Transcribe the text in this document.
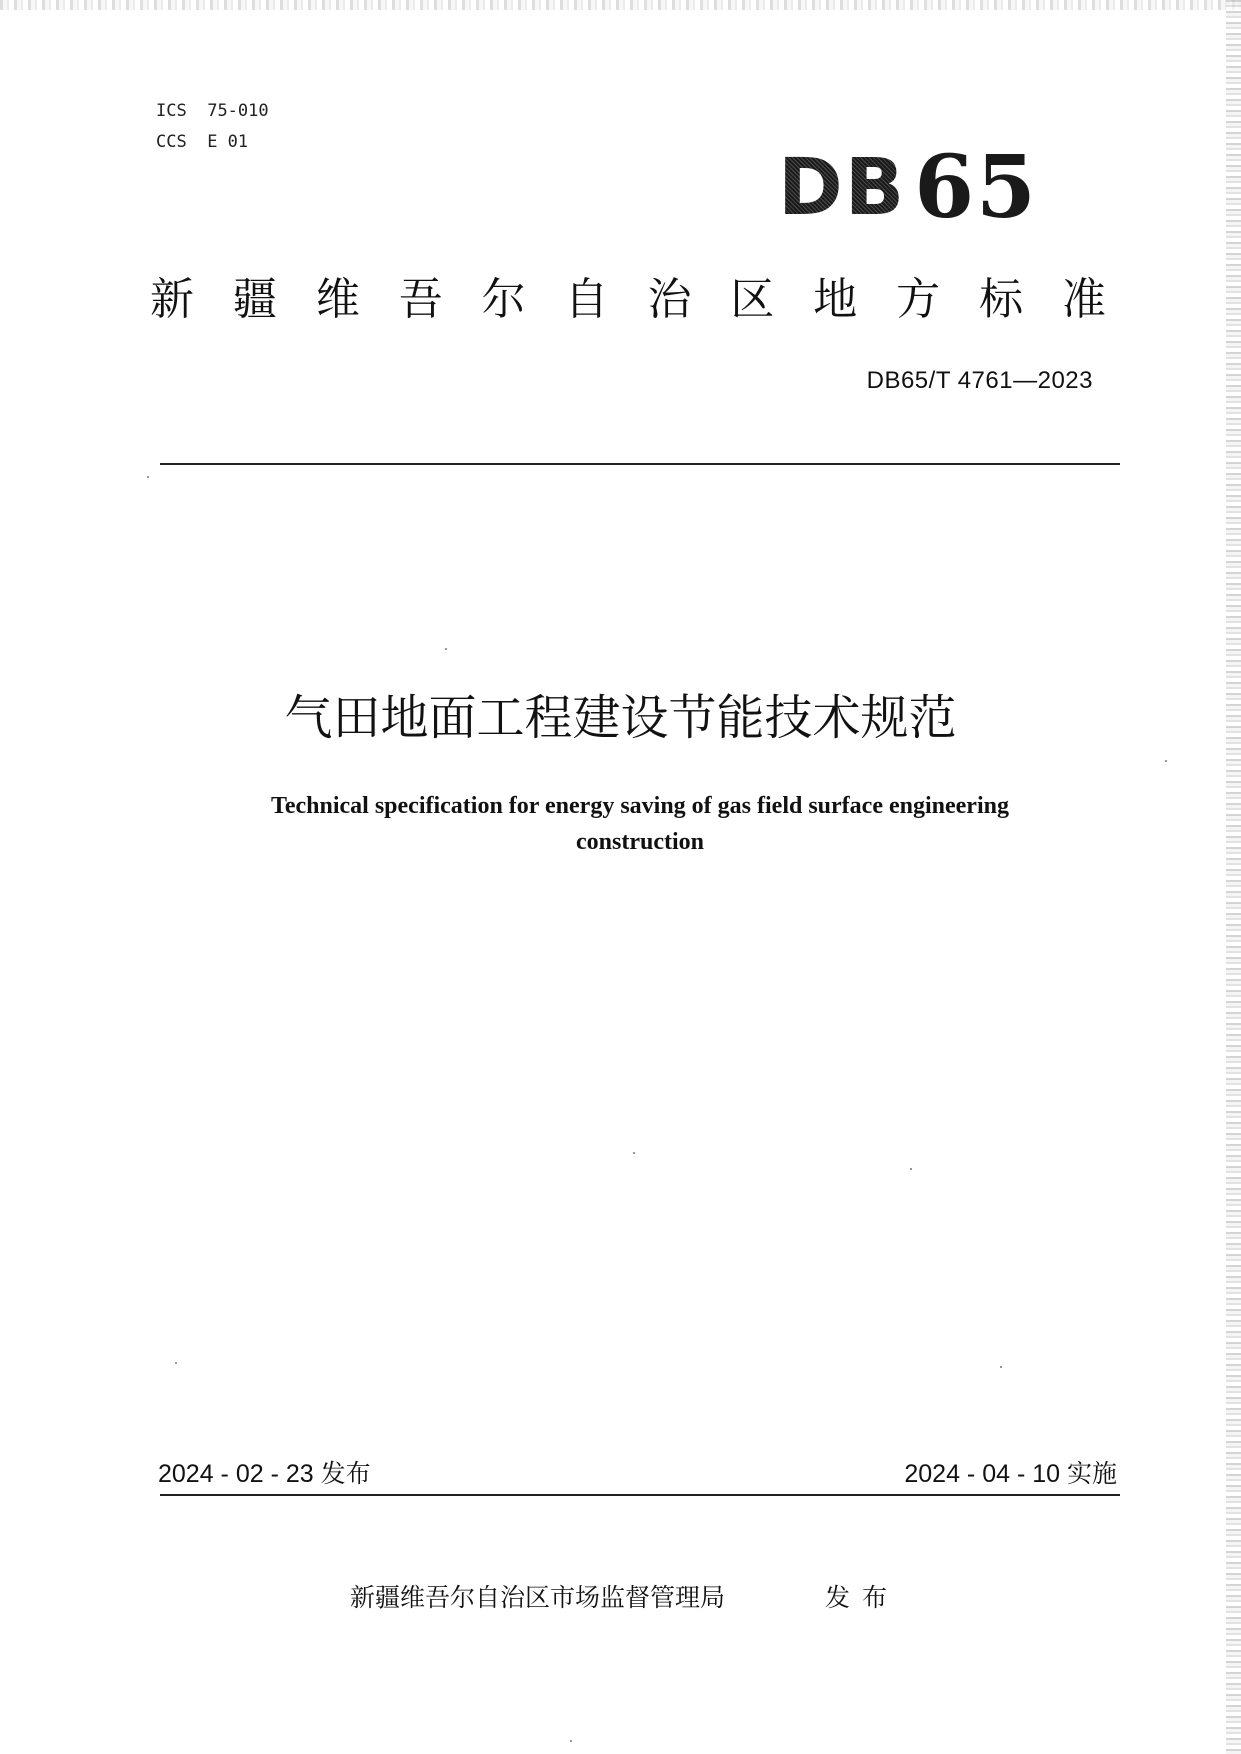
ICS 75-010
CCS E 01
DB 65
新 疆 维 吾 尔 自 治 区 地 方 标 准
DB65/T 4761—2023
气田地面工程建设节能技术规范
Technical specification for energy saving of gas field surface engineering
construction
2024 - 02 - 23 发布	2024 - 04 - 10 实施
新疆维吾尔自治区市场监督管理局	发布
